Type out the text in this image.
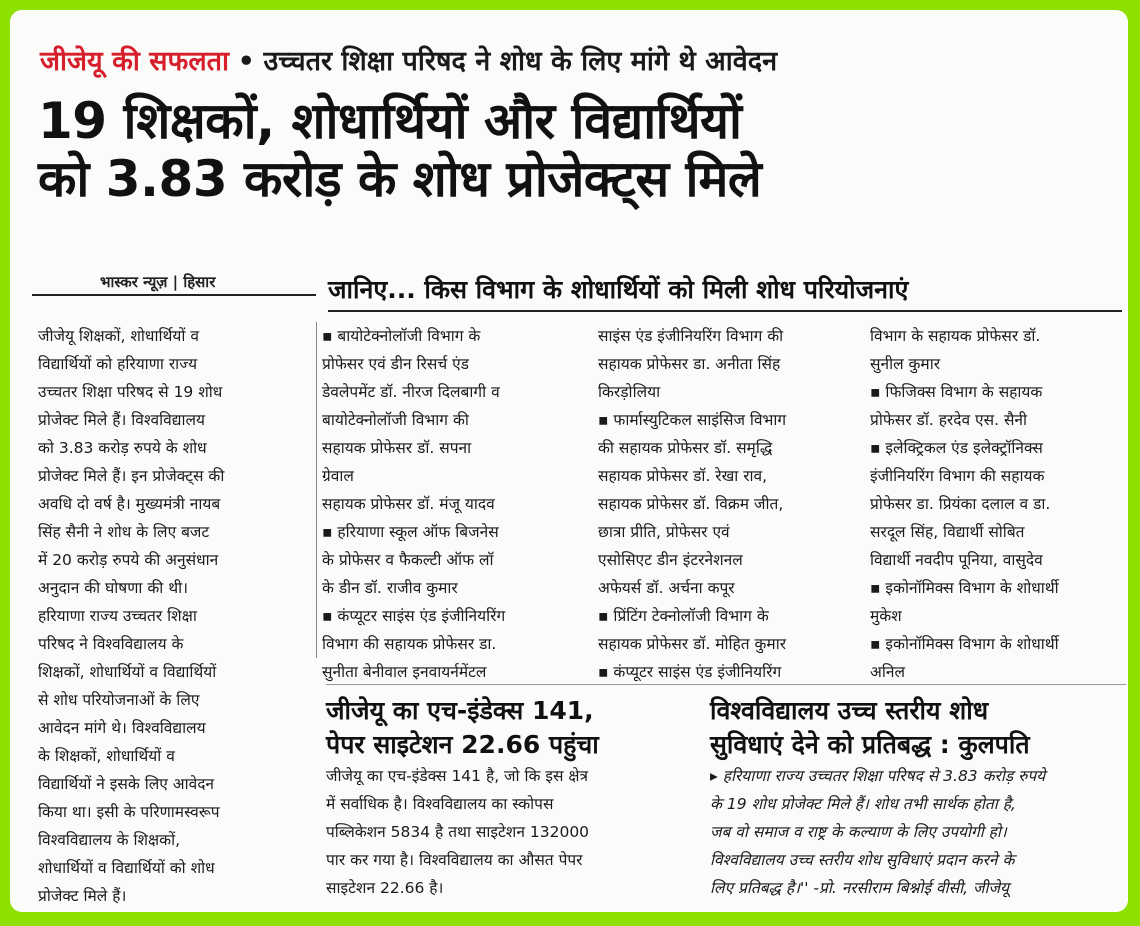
जीजेयू की सफलता • उच्चतर शिक्षा परिषद ने शोध के लिए मांगे थे आवेदन
19 शिक्षकों, शोधार्थियों और विद्यार्थियों
को 3.83 करोड़ के शोध प्रोजेक्ट्स मिले
भास्कर न्यूज़ | हिसार	जानिए... किस विभाग के शोधार्थियों को मिली शोध परियोजनाएं
जीजेयू शिक्षकों, शोधार्थियों व
विद्यार्थियों को हरियाणा राज्य
उच्चतर शिक्षा परिषद से 19 शोध
प्रोजेक्ट मिले हैं। विश्वविद्यालय
को 3.83 करोड़ रुपये के शोध
प्रोजेक्ट मिले हैं। इन प्रोजेक्ट्स की
अवधि दो वर्ष है। मुख्यमंत्री नायब
सिंह सैनी ने शोध के लिए बजट
में 20 करोड़ रुपये की अनुसंधान
अनुदान की घोषणा की थी।
हरियाणा राज्य उच्चतर शिक्षा
परिषद ने विश्वविद्यालय के
शिक्षकों, शोधार्थियों व विद्यार्थियों
से शोध परियोजनाओं के लिए
आवेदन मांगे थे। विश्वविद्यालय
के शिक्षकों, शोधार्थियों व
विद्यार्थियों ने इसके लिए आवेदन
किया था। इसी के परिणामस्वरूप
विश्वविद्यालय के शिक्षकों,
शोधार्थियों व विद्यार्थियों को शोध
प्रोजेक्ट मिले हैं।
▪ बायोटेक्नोलॉजी विभाग के
प्रोफेसर एवं डीन रिसर्च एंड
डेवलेपमेंट डॉ. नीरज दिलबागी व
बायोटेक्नोलॉजी विभाग की
सहायक प्रोफेसर डॉ. सपना
ग्रेवाल
सहायक प्रोफेसर डॉ. मंजू यादव
▪ हरियाणा स्कूल ऑफ बिजनेस
के प्रोफेसर व फैकल्टी ऑफ लॉ
के डीन डॉ. राजीव कुमार
▪ कंप्यूटर साइंस एंड इंजीनियरिंग
विभाग की सहायक प्रोफेसर डा.
सुनीता बेनीवाल इनवायर्नमेंटल
साइंस एंड इंजीनियरिंग विभाग की
सहायक प्रोफेसर डा. अनीता सिंह
किरड़ोलिया
▪ फार्मास्युटिकल साइंसिज विभाग
की सहायक प्रोफेसर डॉ. समृद्धि
सहायक प्रोफेसर डॉ. रेखा राव,
सहायक प्रोफेसर डॉ. विक्रम जीत,
छात्रा प्रीति, प्रोफेसर एवं
एसोसिएट डीन इंटरनेशनल
अफेयर्स डॉ. अर्चना कपूर
▪ प्रिंटिंग टेक्नोलॉजी विभाग के
सहायक प्रोफेसर डॉ. मोहित कुमार
▪ कंप्यूटर साइंस एंड इंजीनियरिंग
विभाग के सहायक प्रोफेसर डॉ.
सुनील कुमार
▪ फिजिक्स विभाग के सहायक
प्रोफेसर डॉ. हरदेव एस. सैनी
▪ इलेक्ट्रिकल एंड इलेक्ट्रॉनिक्स
इंजीनियरिंग विभाग की सहायक
प्रोफेसर डा. प्रियंका दलाल व डा.
सरदूल सिंह, विद्यार्थी सोबित
विद्यार्थी नवदीप पूनिया, वासुदेव
▪ इकोनॉमिक्स विभाग के शोधार्थी
मुकेश
▪ इकोनॉमिक्स विभाग के शोधार्थी
अनिल
जीजेयू का एच-इंडेक्स 141,
पेपर साइटेशन 22.66 पहुंचा
जीजेयू का एच-इंडेक्स 141 है, जो कि इस क्षेत्र
में सर्वाधिक है। विश्वविद्यालय का स्कोपस
पब्लिकेशन 5834 है तथा साइटेशन 132000
पार कर गया है। विश्वविद्यालय का औसत पेपर
साइटेशन 22.66 है।
विश्वविद्यालय उच्च स्तरीय शोध
सुविधाएं देने को प्रतिबद्ध : कुलपति
▸ हरियाणा राज्य उच्चतर शिक्षा परिषद से 3.83 करोड़ रुपये
के 19 शोध प्रोजेक्ट मिले हैं। शोध तभी सार्थक होता है,
जब वो समाज व राष्ट्र के कल्याण के लिए उपयोगी हो।
विश्वविद्यालय उच्च स्तरीय शोध सुविधाएं प्रदान करने के
लिए प्रतिबद्ध है।'' -प्रो. नरसीराम बिश्नोई वीसी, जीजेयू
